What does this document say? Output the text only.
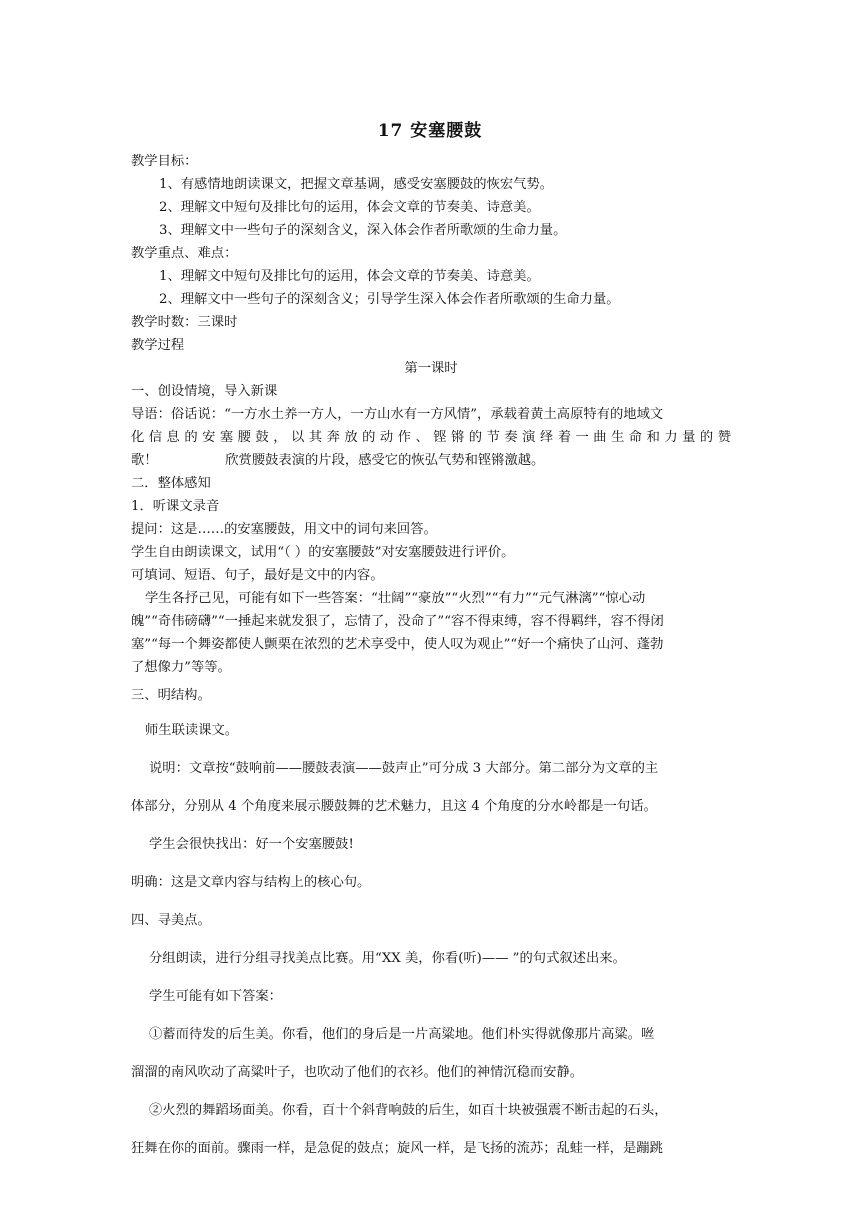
17 安塞腰鼓

教学目标：

1、有感情地朗读课文，把握文章基调，感受安塞腰鼓的恢宏气势。

2、理解文中短句及排比句的运用，体会文章的节奏美、诗意美。

3、理解文中一些句子的深刻含义，深入体会作者所歌颂的生命力量。

教学重点、难点：

1、理解文中短句及排比句的运用，体会文章的节奏美、诗意美。

2、理解文中一些句子的深刻含义；引导学生深入体会作者所歌颂的生命力量。

教学时数：三课时

教学过程

第一课时

一、创设情境，导入新课

导语：俗话说：“一方水土养一方人，一方山水有一方风情”，承载着黄土高原特有的地域文

化信息的安塞腰鼓，以其奔放的动作、铿锵的节奏演绎着一曲生命和力量的赞

歌！                欣赏腰鼓表演的片段，感受它的恢弘气势和铿锵激越。

二．整体感知

1．听课文录音

提问：这是……的安塞腰鼓，用文中的词句来回答。

学生自由朗读课文，试用“（ ）的安塞腰鼓”对安塞腰鼓进行评价。

可填词、短语、句子，最好是文中的内容。

学生各抒己见，可能有如下一些答案：“壮阔”“豪放”“火烈”“有力”“元气淋漓”“惊心动

魄”“奇伟磅礴”“一捶起来就发狠了，忘情了，没命了”“容不得束缚，容不得羁绊，容不得闭

塞”“每一个舞姿都使人颤栗在浓烈的艺术享受中，使人叹为观止”“好一个痛快了山河、蓬勃

了想像力”等等。

三、明结构。

师生联读课文。

说明：文章按“鼓响前——腰鼓表演——鼓声止”可分成 3 大部分。第二部分为文章的主

体部分，分别从 4 个角度来展示腰鼓舞的艺术魅力，且这 4 个角度的分水岭都是一句话。

学生会很快找出：好一个安塞腰鼓!

明确：这是文章内容与结构上的核心句。

四、寻美点。

分组朗读，进行分组寻找美点比赛。用“XX 美，你看(听)—— ”的句式叙述出来。

学生可能有如下答案：

①蓄而待发的后生美。你看，他们的身后是一片高粱地。他们朴实得就像那片高粱。咝

溜溜的南风吹动了高粱叶子，也吹动了他们的衣衫。他们的神情沉稳而安静。

②火烈的舞蹈场面美。你看，百十个斜背响鼓的后生，如百十块被强震不断击起的石头，

狂舞在你的面前。骤雨一样，是急促的鼓点；旋风一样，是飞扬的流苏；乱蛙一样，是蹦跳
